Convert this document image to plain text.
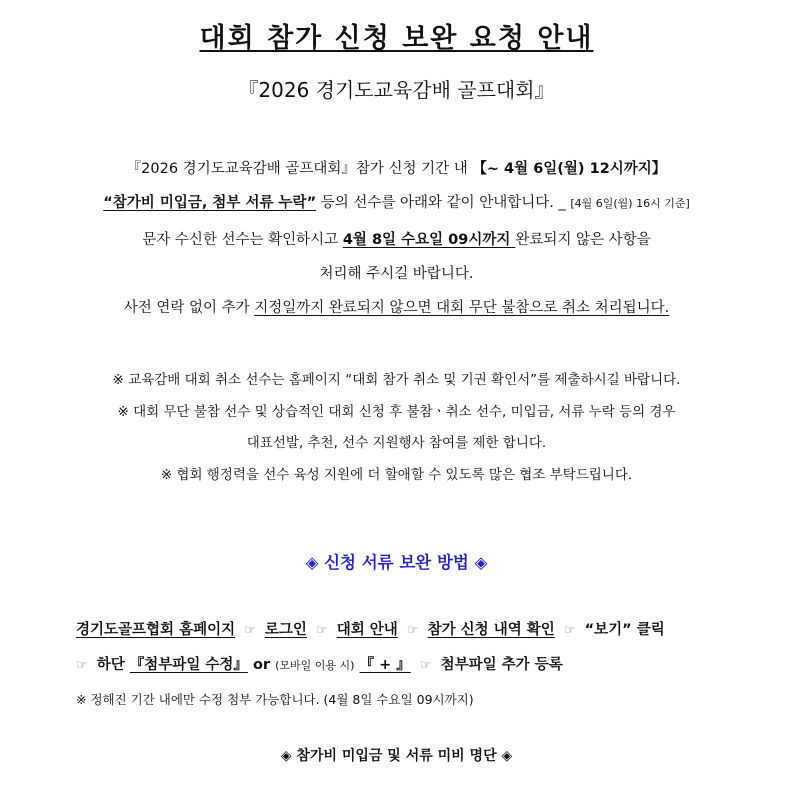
대회 참가 신청 보완 요청 안내
『2026 경기도교육감배 골프대회』
『2026 경기도교육감배 골프대회』참가 신청 기간 내 【~ 4월 6일(월) 12시까지】
“참가비 미입금, 첨부 서류 누락” 등의 선수를 아래와 같이 안내합니다. _ [4월 6일(월) 16시 기준]
문자 수신한 선수는 확인하시고 4월 8일 수요일 09시까지 완료되지 않은 사항을
처리해 주시길 바랍니다.
사전 연락 없이 추가 지정일까지 완료되지 않으면 대회 무단 불참으로 취소 처리됩니다.
※ 교육감배 대회 취소 선수는 홈페이지 “대회 참가 취소 및 기권 확인서”를 제출하시길 바랍니다.
※ 대회 무단 불참 선수 및 상습적인 대회 신청 후 불참ㆍ취소 선수, 미입금, 서류 누락 등의 경우
대표선발, 추천, 선수 지원행사 참여를 제한 합니다.
※ 협회 행정력을 선수 육성 지원에 더 할애할 수 있도록 많은 협조 부탁드립니다.
◈ 신청 서류 보완 방법 ◈
경기도골프협회 홈페이지 ☞ 로그인 ☞ 대회 안내 ☞ 참가 신청 내역 확인 ☞ “보기” 클릭
☞ 하단 『첨부파일 수정』 or (모바일 이용 시) 『 + 』 ☞ 첨부파일 추가 등록
※ 정해진 기간 내에만 수정 첨부 가능합니다. (4월 8일 수요일 09시까지)
◈ 참가비 미입금 및 서류 미비 명단 ◈
